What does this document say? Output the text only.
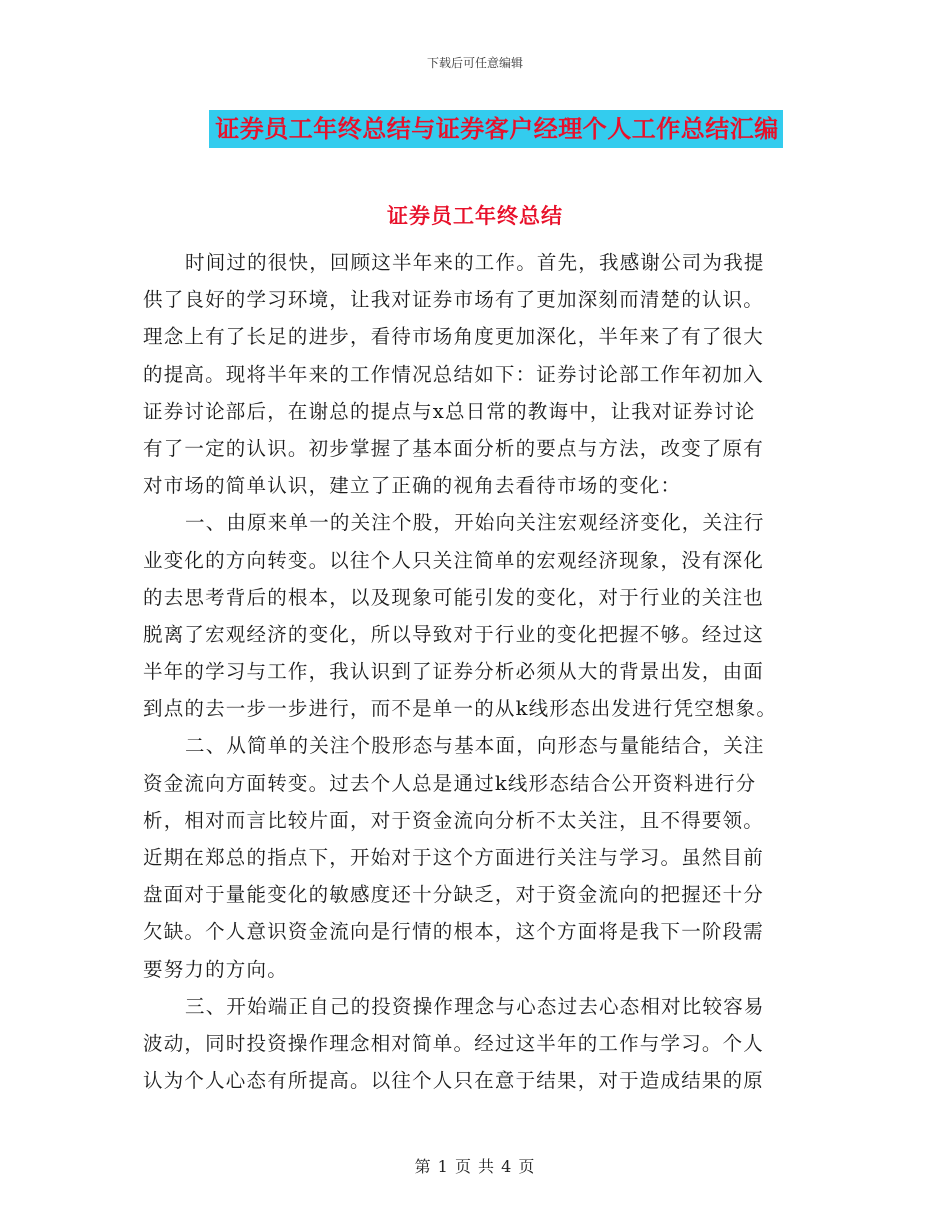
下载后可任意编辑
证券员工年终总结与证券客户经理个人工作总结汇编
证券员工年终总结
时间过的很快，回顾这半年来的工作。首先，我感谢公司为我提
供了良好的学习环境，让我对证券市场有了更加深刻而清楚的认识。
理念上有了长足的进步，看待市场角度更加深化，半年来了有了很大
的提高。现将半年来的工作情况总结如下：证券讨论部工作年初加入
证券讨论部后，在谢总的提点与x总日常的教诲中，让我对证券讨论
有了一定的认识。初步掌握了基本面分析的要点与方法，改变了原有
对市场的简单认识，建立了正确的视角去看待市场的变化：
一、由原来单一的关注个股，开始向关注宏观经济变化，关注行
业变化的方向转变。以往个人只关注简单的宏观经济现象，没有深化
的去思考背后的根本，以及现象可能引发的变化，对于行业的关注也
脱离了宏观经济的变化，所以导致对于行业的变化把握不够。经过这
半年的学习与工作，我认识到了证券分析必须从大的背景出发，由面
到点的去一步一步进行，而不是单一的从k线形态出发进行凭空想象。
二、从简单的关注个股形态与基本面，向形态与量能结合，关注
资金流向方面转变。过去个人总是通过k线形态结合公开资料进行分
析，相对而言比较片面，对于资金流向分析不太关注，且不得要领。
近期在郑总的指点下，开始对于这个方面进行关注与学习。虽然目前
盘面对于量能变化的敏感度还十分缺乏，对于资金流向的把握还十分
欠缺。个人意识资金流向是行情的根本，这个方面将是我下一阶段需
要努力的方向。
三、开始端正自己的投资操作理念与心态过去心态相对比较容易
波动，同时投资操作理念相对简单。经过这半年的工作与学习。个人
认为个人心态有所提高。以往个人只在意于结果，对于造成结果的原
第 1 页 共 4 页
